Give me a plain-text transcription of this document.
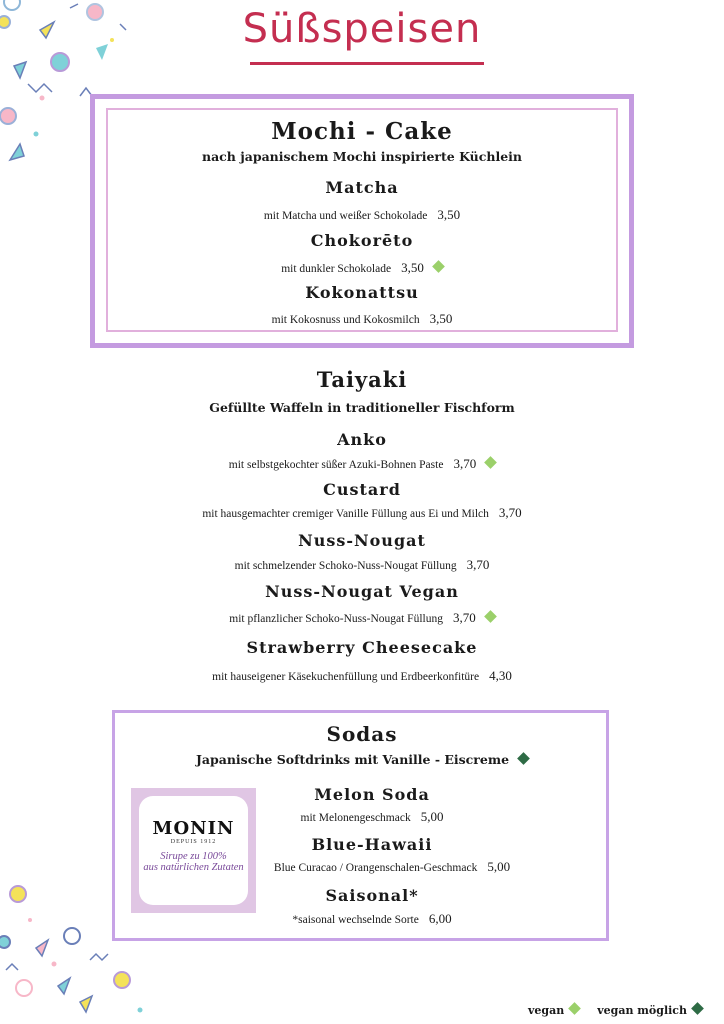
Süßspeisen
Mochi - Cake
nach japanischem Mochi inspirierte Küchlein
Matcha
mit Matcha und weißer Schokolade 3,50
Chokorēto
mit dunkler Schokolade 3,50
Kokonattsu
mit Kokosnuss und Kokosmilch 3,50
Taiyaki
Gefüllte Waffeln in traditioneller Fischform
Anko
mit selbstgekochter süßer Azuki-Bohnen Paste 3,70
Custard
mit hausgemachter cremiger Vanille Füllung aus Ei und Milch 3,70
Nuss-Nougat
mit schmelzender Schoko-Nuss-Nougat Füllung 3,70
Nuss-Nougat Vegan
mit pflanzlicher Schoko-Nuss-Nougat Füllung 3,70
Strawberry Cheesecake
mit hauseigener Käsekuchenfüllung und Erdbeerkonfitüre 4,30
Sodas
Japanische Softdrinks mit Vanille - Eiscreme
MONIN
DEPUIS 1912
Sirupe zu 100%
aus natürlichen Zutaten
Melon Soda
mit Melonengeschmack 5,00
Blue-Hawaii
Blue Curacao / Orangenschalen-Geschmack 5,00
Saisonal*
*saisonal wechselnde Sorte 6,00
vegan	vegan möglich
